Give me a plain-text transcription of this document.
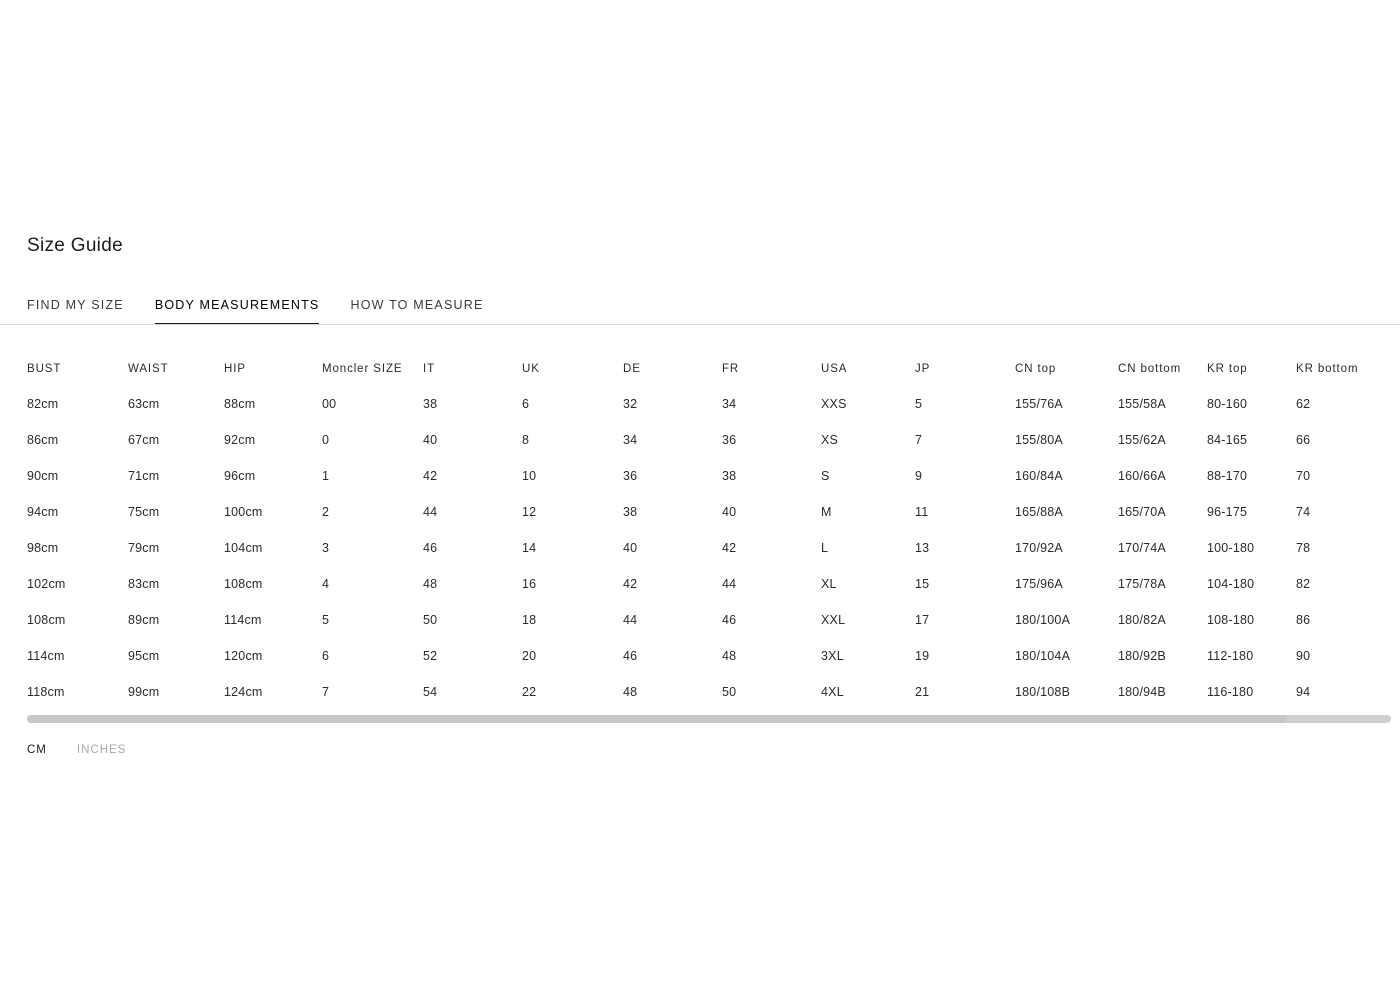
Size Guide
FIND MY SIZE BODY MEASUREMENTS HOW TO MEASURE
BUST	WAIST	HIP	Moncler SIZE	IT	UK	DE	FR	USA	JP	CN top	CN bottom	KR top	KR bottom
82cm	63cm	88cm	00	38	6	32	34	XXS	5	155/76A	155/58A	80-160	62
86cm	67cm	92cm	0	40	8	34	36	XS	7	155/80A	155/62A	84-165	66
90cm	71cm	96cm	1	42	10	36	38	S	9	160/84A	160/66A	88-170	70
94cm	75cm	100cm	2	44	12	38	40	M	11	165/88A	165/70A	96-175	74
98cm	79cm	104cm	3	46	14	40	42	L	13	170/92A	170/74A	100-180	78
102cm	83cm	108cm	4	48	16	42	44	XL	15	175/96A	175/78A	104-180	82
108cm	89cm	114cm	5	50	18	44	46	XXL	17	180/100A	180/82A	108-180	86
114cm	95cm	120cm	6	52	20	46	48	3XL	19	180/104A	180/92B	112-180	90
118cm	99cm	124cm	7	54	22	48	50	4XL	21	180/108B	180/94B	116-180	94
CM	INCHES
